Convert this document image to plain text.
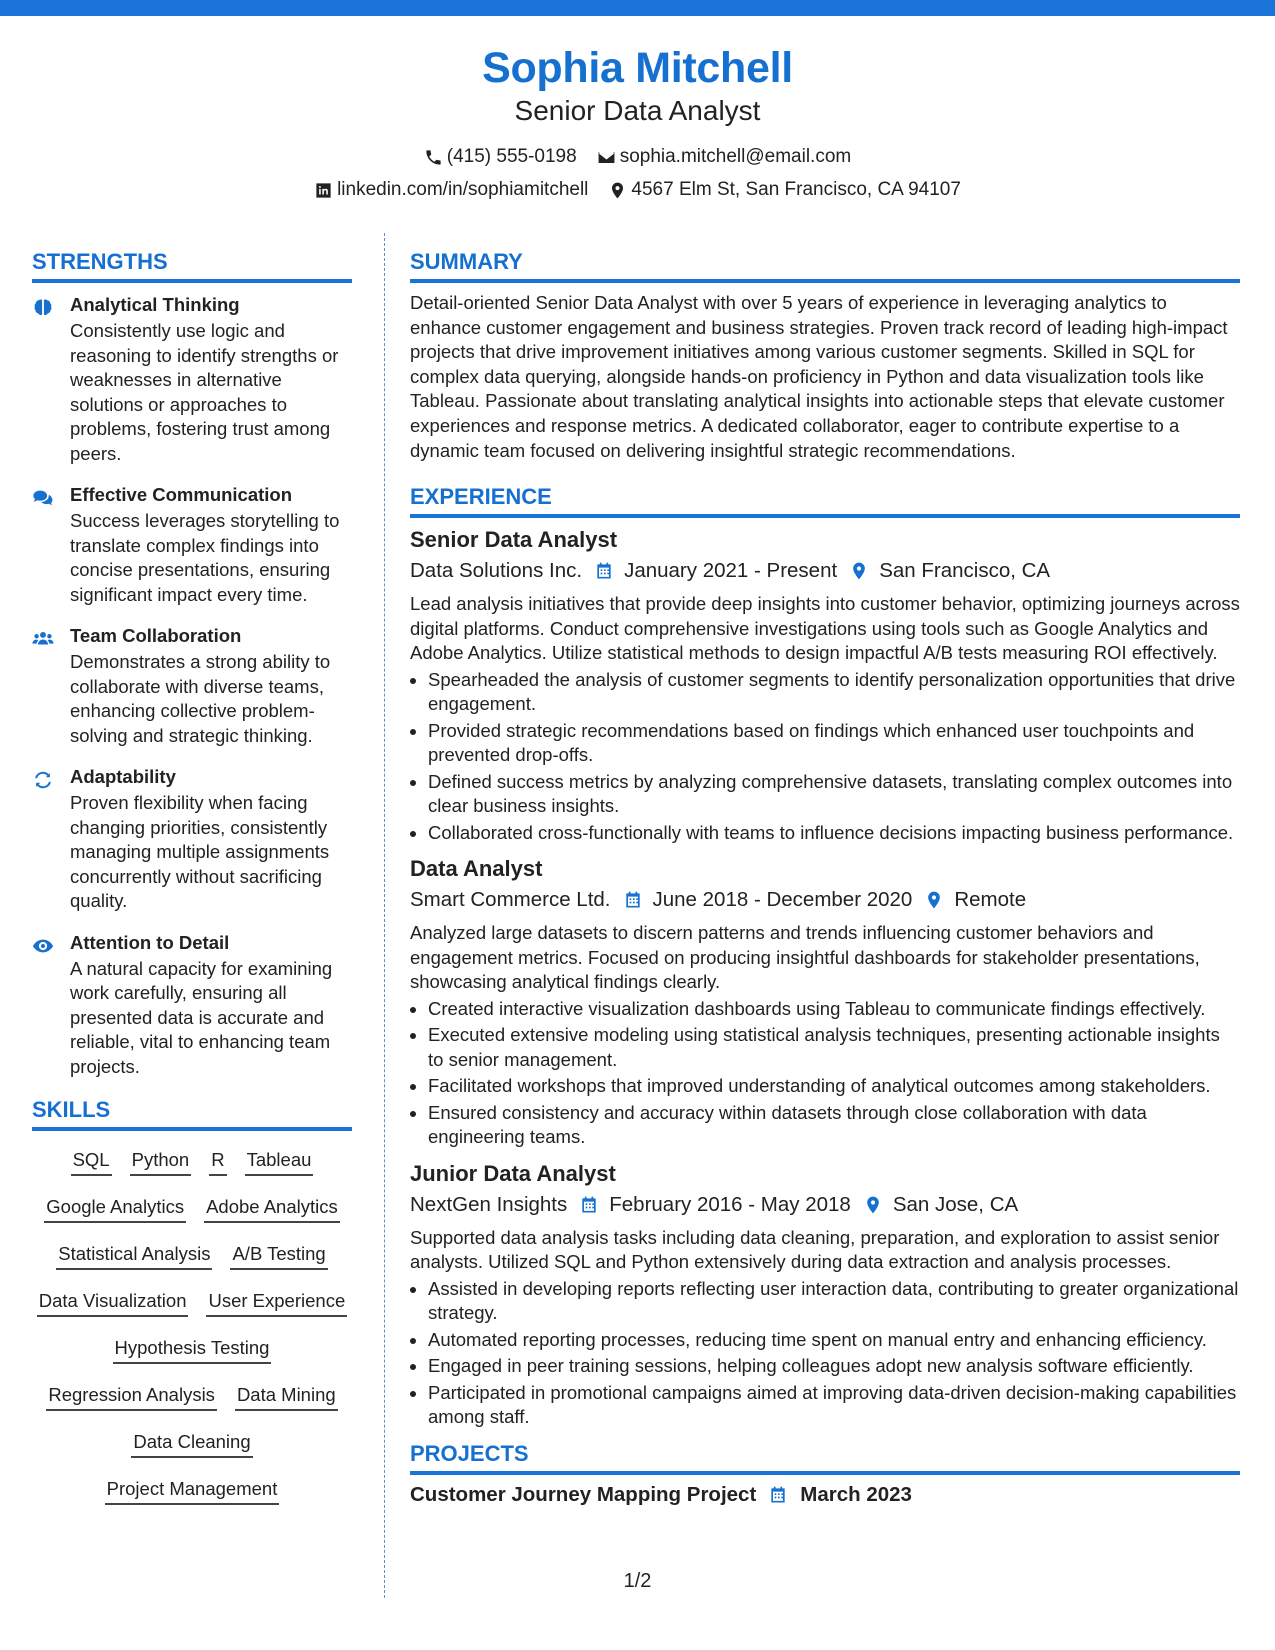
Sophia Mitchell
Senior Data Analyst
(415) 555-0198 sophia.mitchell@email.com
linkedin.com/in/sophiamitchell 4567 Elm St, San Francisco, CA 94107
STRENGTHS
Analytical Thinking
Consistently use logic and reasoning to identify strengths or weaknesses in alternative solutions or approaches to problems, fostering trust among peers.
Effective Communication
Success leverages storytelling to translate complex findings into concise presentations, ensuring significant impact every time.
Team Collaboration
Demonstrates a strong ability to collaborate with diverse teams, enhancing collective problem-solving and strategic thinking.
Adaptability
Proven flexibility when facing changing priorities, consistently managing multiple assignments concurrently without sacrificing quality.
Attention to Detail
A natural capacity for examining work carefully, ensuring all presented data is accurate and reliable, vital to enhancing team projects.
SKILLS
SQL Python R Tableau
Google Analytics Adobe Analytics
Statistical Analysis A/B Testing
Data Visualization User Experience
Hypothesis Testing
Regression Analysis Data Mining
Data Cleaning
Project Management
SUMMARY
Detail-oriented Senior Data Analyst with over 5 years of experience in leveraging analytics to enhance customer engagement and business strategies. Proven track record of leading high-impact projects that drive improvement initiatives among various customer segments. Skilled in SQL for complex data querying, alongside hands-on proficiency in Python and data visualization tools like Tableau. Passionate about translating analytical insights into actionable steps that elevate customer experiences and response metrics. A dedicated collaborator, eager to contribute expertise to a dynamic team focused on delivering insightful strategic recommendations.
EXPERIENCE
Senior Data Analyst
Data Solutions Inc. January 2021 - Present San Francisco, CA
Lead analysis initiatives that provide deep insights into customer behavior, optimizing journeys across digital platforms. Conduct comprehensive investigations using tools such as Google Analytics and Adobe Analytics. Utilize statistical methods to design impactful A/B tests measuring ROI effectively.
• Spearheaded the analysis of customer segments to identify personalization opportunities that drive engagement.
• Provided strategic recommendations based on findings which enhanced user touchpoints and prevented drop-offs.
• Defined success metrics by analyzing comprehensive datasets, translating complex outcomes into clear business insights.
• Collaborated cross-functionally with teams to influence decisions impacting business performance.
Data Analyst
Smart Commerce Ltd. June 2018 - December 2020 Remote
Analyzed large datasets to discern patterns and trends influencing customer behaviors and engagement metrics. Focused on producing insightful dashboards for stakeholder presentations, showcasing analytical findings clearly.
• Created interactive visualization dashboards using Tableau to communicate findings effectively.
• Executed extensive modeling using statistical analysis techniques, presenting actionable insights to senior management.
• Facilitated workshops that improved understanding of analytical outcomes among stakeholders.
• Ensured consistency and accuracy within datasets through close collaboration with data engineering teams.
Junior Data Analyst
NextGen Insights February 2016 - May 2018 San Jose, CA
Supported data analysis tasks including data cleaning, preparation, and exploration to assist senior analysts. Utilized SQL and Python extensively during data extraction and analysis processes.
• Assisted in developing reports reflecting user interaction data, contributing to greater organizational strategy.
• Automated reporting processes, reducing time spent on manual entry and enhancing efficiency.
• Engaged in peer training sessions, helping colleagues adopt new analysis software efficiently.
• Participated in promotional campaigns aimed at improving data-driven decision-making capabilities among staff.
PROJECTS
Customer Journey Mapping Project March 2023
1/2
